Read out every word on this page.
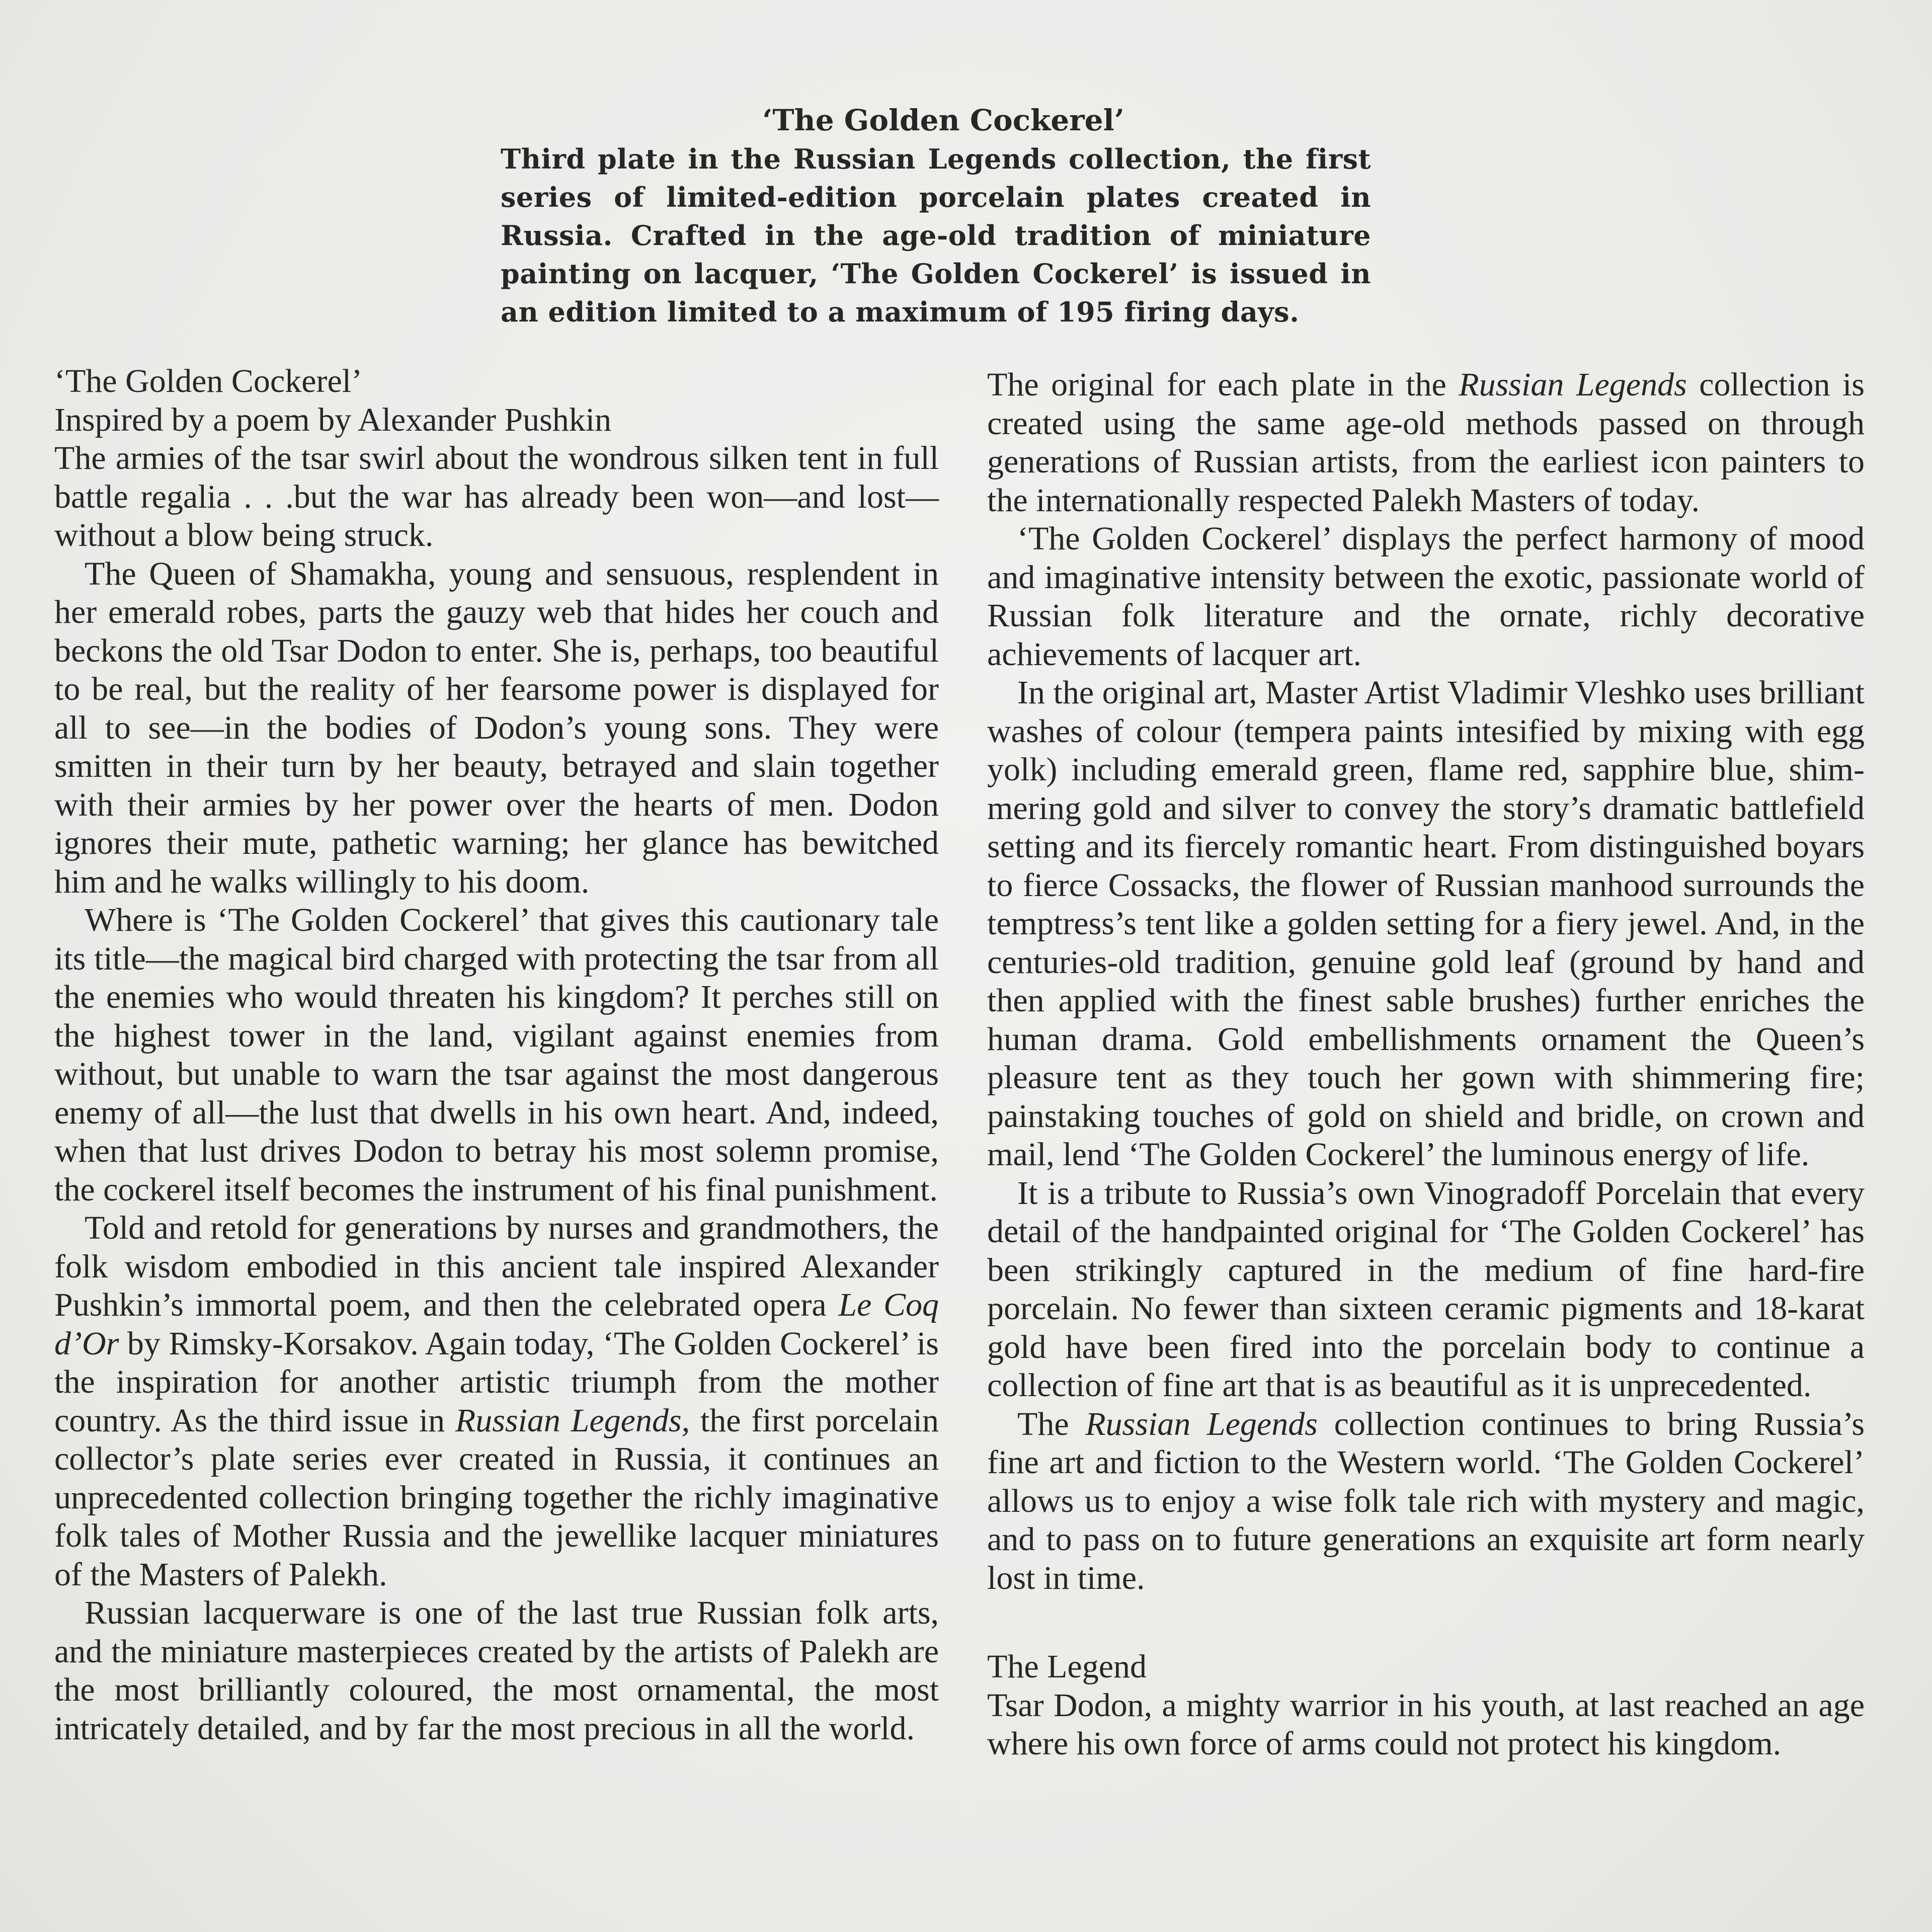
‘The Golden Cockerel’
Third plate in the Russian Legends collection, the first series of limited-edition porcelain plates created in Russia. Crafted in the age-old tradition of miniature painting on lacquer, ‘The Golden Cockerel’ is issued in an edition limited to a maximum of 195 firing days.

‘The Golden Cockerel’

Inspired by a poem by Alexander Pushkin

The armies of the tsar swirl about the wondrous silken tent in full battle regalia . . .but the war has already been won—and lost—without a blow being struck.

The Queen of Shamakha, young and sensuous, resplendent in her emerald robes, parts the gauzy web that hides her couch and beckons the old Tsar Dodon to enter. She is, perhaps, too beautiful to be real, but the reality of her fearsome power is displayed for all to see—in the bodies of Dodon’s young sons. They were smitten in their turn by her beauty, betrayed and slain together with their armies by her power over the hearts of men. Dodon ignores their mute, pathetic warning; her glance has bewitched him and he walks willingly to his doom.

Where is ‘The Golden Cockerel’ that gives this cautionary tale its title—the magical bird charged with protecting the tsar from all the enemies who would threaten his kingdom? It perches still on the highest tower in the land, vigilant against enemies from without, but unable to warn the tsar against the most dangerous enemy of all—the lust that dwells in his own heart. And, indeed, when that lust drives Dodon to betray his most solemn promise, the cockerel itself becomes the instrument of his final punishment.

Told and retold for generations by nurses and grandmothers, the folk wisdom embodied in this ancient tale inspired Alexander Pushkin’s immortal poem, and then the celebrated opera Le Coq d’Or by Rimsky-Korsakov. Again today, ‘The Golden Cockerel’ is the inspiration for another artistic triumph from the mother country. As the third issue in Russian Legends, the first porcelain collector’s plate series ever created in Russia, it continues an unprecedented collection bringing together the richly imaginative folk tales of Mother Russia and the jewellike lacquer miniatures of the Masters of Palekh.

Russian lacquerware is one of the last true Russian folk arts, and the miniature masterpieces created by the artists of Palekh are the most brilliantly coloured, the most ornamental, the most intricately detailed, and by far the most precious in all the world.

The original for each plate in the Russian Legends collection is created using the same age-old methods passed on through generations of Russian artists, from the earliest icon painters to the internationally respected Palekh Masters of today.

‘The Golden Cockerel’ displays the perfect harmony of mood and imaginative intensity between the exotic, passionate world of Russian folk literature and the ornate, richly decorative achievements of lacquer art.

In the original art, Master Artist Vladimir Vleshko uses brilliant washes of colour (tempera paints intesified by mixing with egg yolk) including emerald green, flame red, sapphire blue, shimmering gold and silver to convey the story’s dramatic battlefield setting and its fiercely romantic heart. From distinguished boyars to fierce Cossacks, the flower of Russian manhood surrounds the temptress’s tent like a golden setting for a fiery jewel. And, in the centuries-old tradition, genuine gold leaf (ground by hand and then applied with the finest sable brushes) further enriches the human drama. Gold embellishments ornament the Queen’s pleasure tent as they touch her gown with shimmering fire; painstaking touches of gold on shield and bridle, on crown and mail, lend ‘The Golden Cockerel’ the luminous energy of life.

It is a tribute to Russia’s own Vinogradoff Porcelain that every detail of the handpainted original for ‘The Golden Cockerel’ has been strikingly captured in the medium of fine hard-fire porcelain. No fewer than sixteen ceramic pigments and 18-karat gold have been fired into the porcelain body to continue a collection of fine art that is as beautiful as it is unprecedented.

The Russian Legends collection continues to bring Russia’s fine art and fiction to the Western world. ‘The Golden Cockerel’ allows us to enjoy a wise folk tale rich with mystery and magic, and to pass on to future generations an exquisite art form nearly lost in time.

The Legend

Tsar Dodon, a mighty warrior in his youth, at last reached an age where his own force of arms could not protect his kingdom.
